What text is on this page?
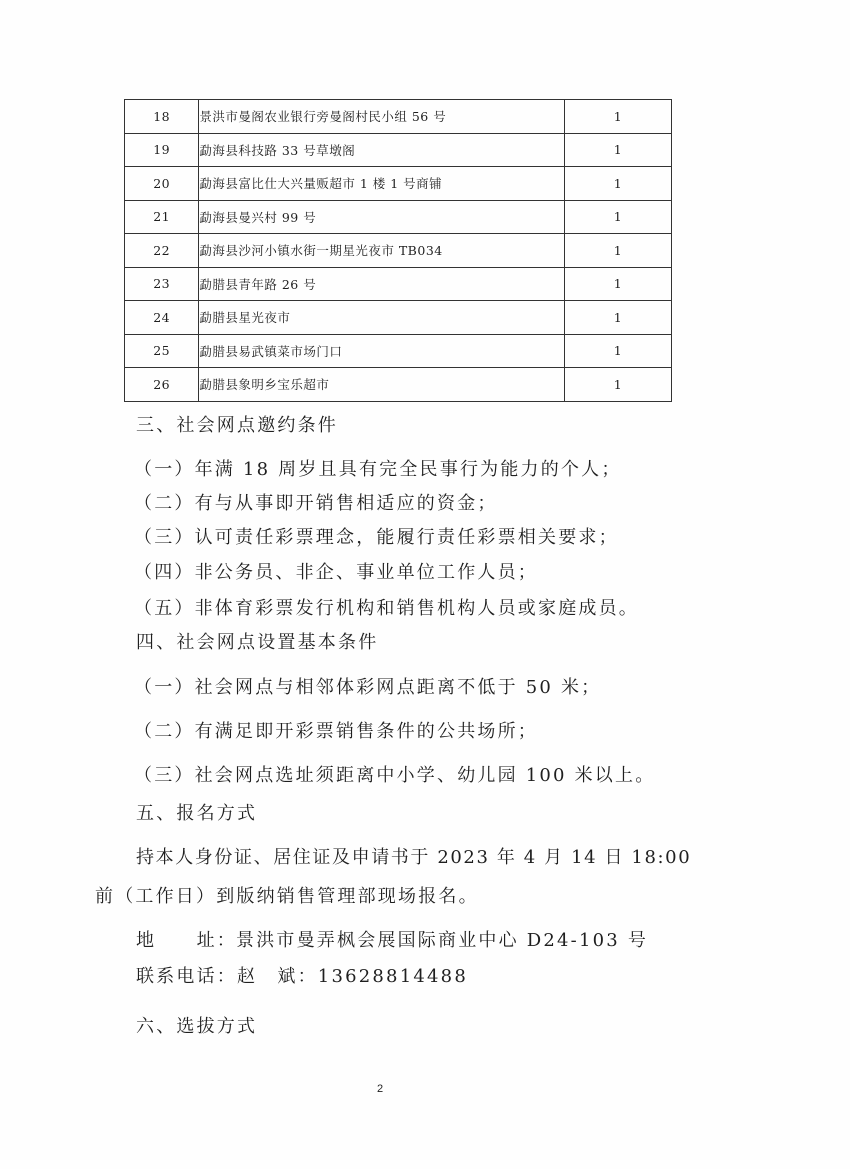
18	景洪市曼阁农业银行旁曼阁村民小组 56 号	1
19	勐海县科技路 33 号草墩阁	1
20	勐海县富比仕大兴量贩超市 1 楼 1 号商铺	1
21	勐海县曼兴村 99 号	1
22	勐海县沙河小镇水街一期星光夜市 TB034	1
23	勐腊县青年路 26 号	1
24	勐腊县星光夜市	1
25	勐腊县易武镇菜市场门口	1
26	勐腊县象明乡宝乐超市	1
三、社会网点邀约条件
（一）年满 18 周岁且具有完全民事行为能力的个人；
（二）有与从事即开销售相适应的资金；
（三）认可责任彩票理念，能履行责任彩票相关要求；
（四）非公务员、非企、事业单位工作人员；
（五）非体育彩票发行机构和销售机构人员或家庭成员。
四、社会网点设置基本条件
（一）社会网点与相邻体彩网点距离不低于 50 米；
（二）有满足即开彩票销售条件的公共场所；
（三）社会网点选址须距离中小学、幼儿园 100 米以上。
五、报名方式
持本人身份证、居住证及申请书于 2023 年 4 月 14 日 18:00
前（工作日）到版纳销售管理部现场报名。
地　　址：景洪市曼弄枫会展国际商业中心 D24-103 号
联系电话：赵　斌：13628814488
六、选拔方式
2
